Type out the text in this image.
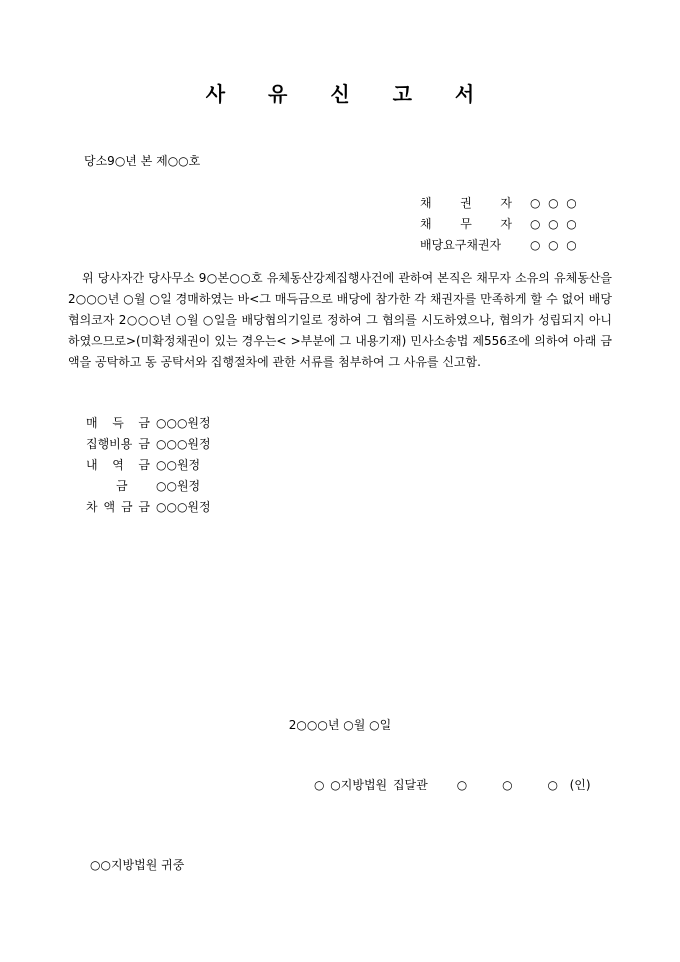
사 유 신 고 서
당소9○년 본 제○○호
채 권 자	○  ○  ○
채 무 자	○  ○  ○
배당요구채권자	○  ○  ○

위 당사자간 당사무소 9○본○○호 유체동산강제집행사건에 관하여 본직은 채무자 소유의 유체동산을 2○○○년 ○월 ○일 경매하였는 바<그 매득금으로 배당에 참가한 각 채권자를 만족하게 할 수 없어 배당협의코자 2○○○년 ○월 ○일을 배당협의기일로 정하여 그 협의를 시도하였으나, 협의가 성립되지 아니하였으므로>(미확정채권이 있는 경우는< >부분에 그 내용기재) 민사소송법 제556조에 의하여 아래 금액을 공탁하고 동 공탁서와 집행절차에 관한 서류를 첨부하여 그 사유를 신고함.

매 득 금	○○○원정
집행비용 금	○○○원정
내 역 금	○○원정
금	○○원정
차 액 금 금	○○○원정
2○○○년 ○월 ○일
○ ○지방법원 집달관     ○      ○      ○  (인)
○○지방법원 귀중
